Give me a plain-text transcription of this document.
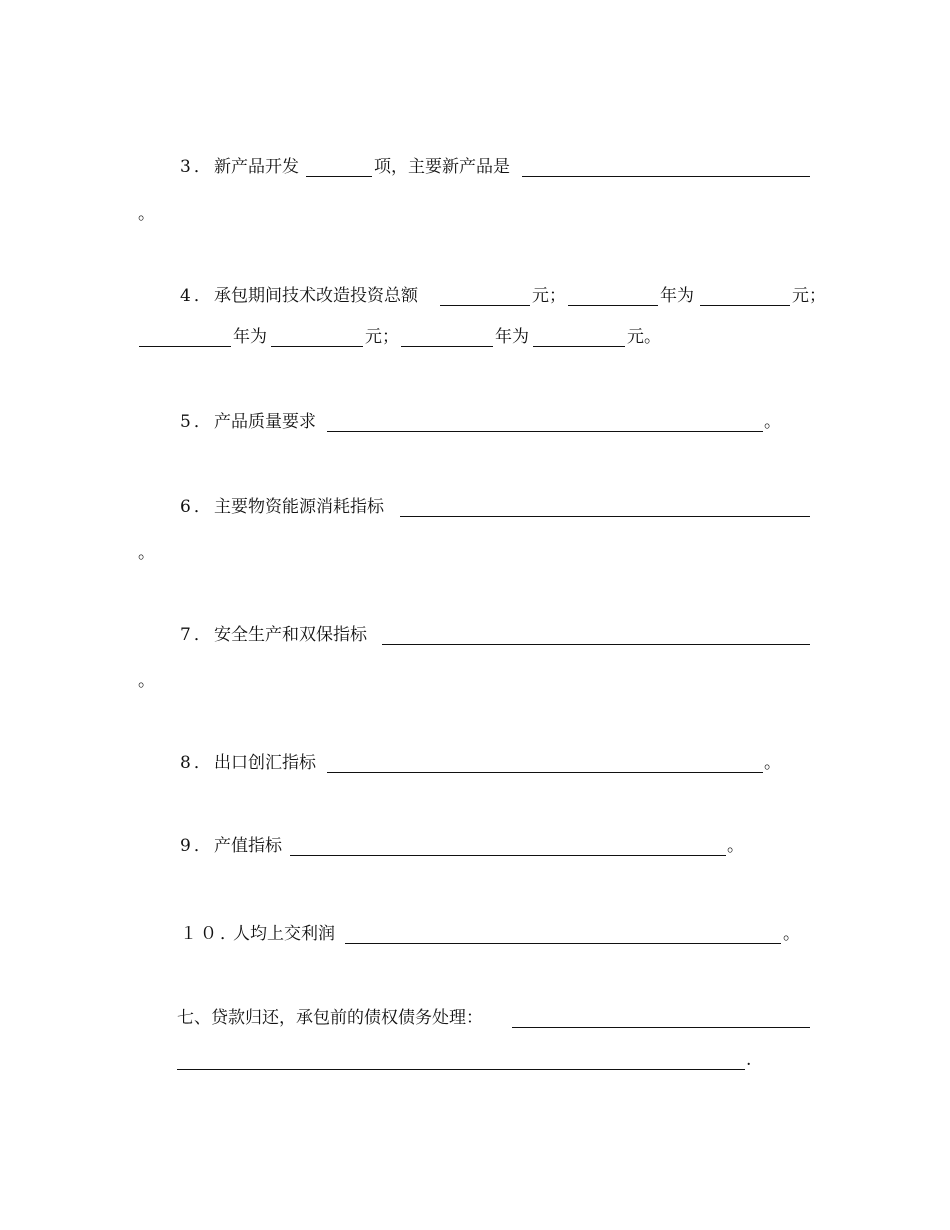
3． 新产品开发	项，主要新产品是
。
4． 承包期间技术改造投资总额	元；	年为	元；
年为	元；	年为	元。
5． 产品质量要求	。
6． 主要物资能源消耗指标
。
7． 安全生产和双保指标
。
8． 出口创汇指标	。
9． 产值指标	。
１０．
人均上交利润	。
七、贷款归还，承包前的债权债务处理：
.
